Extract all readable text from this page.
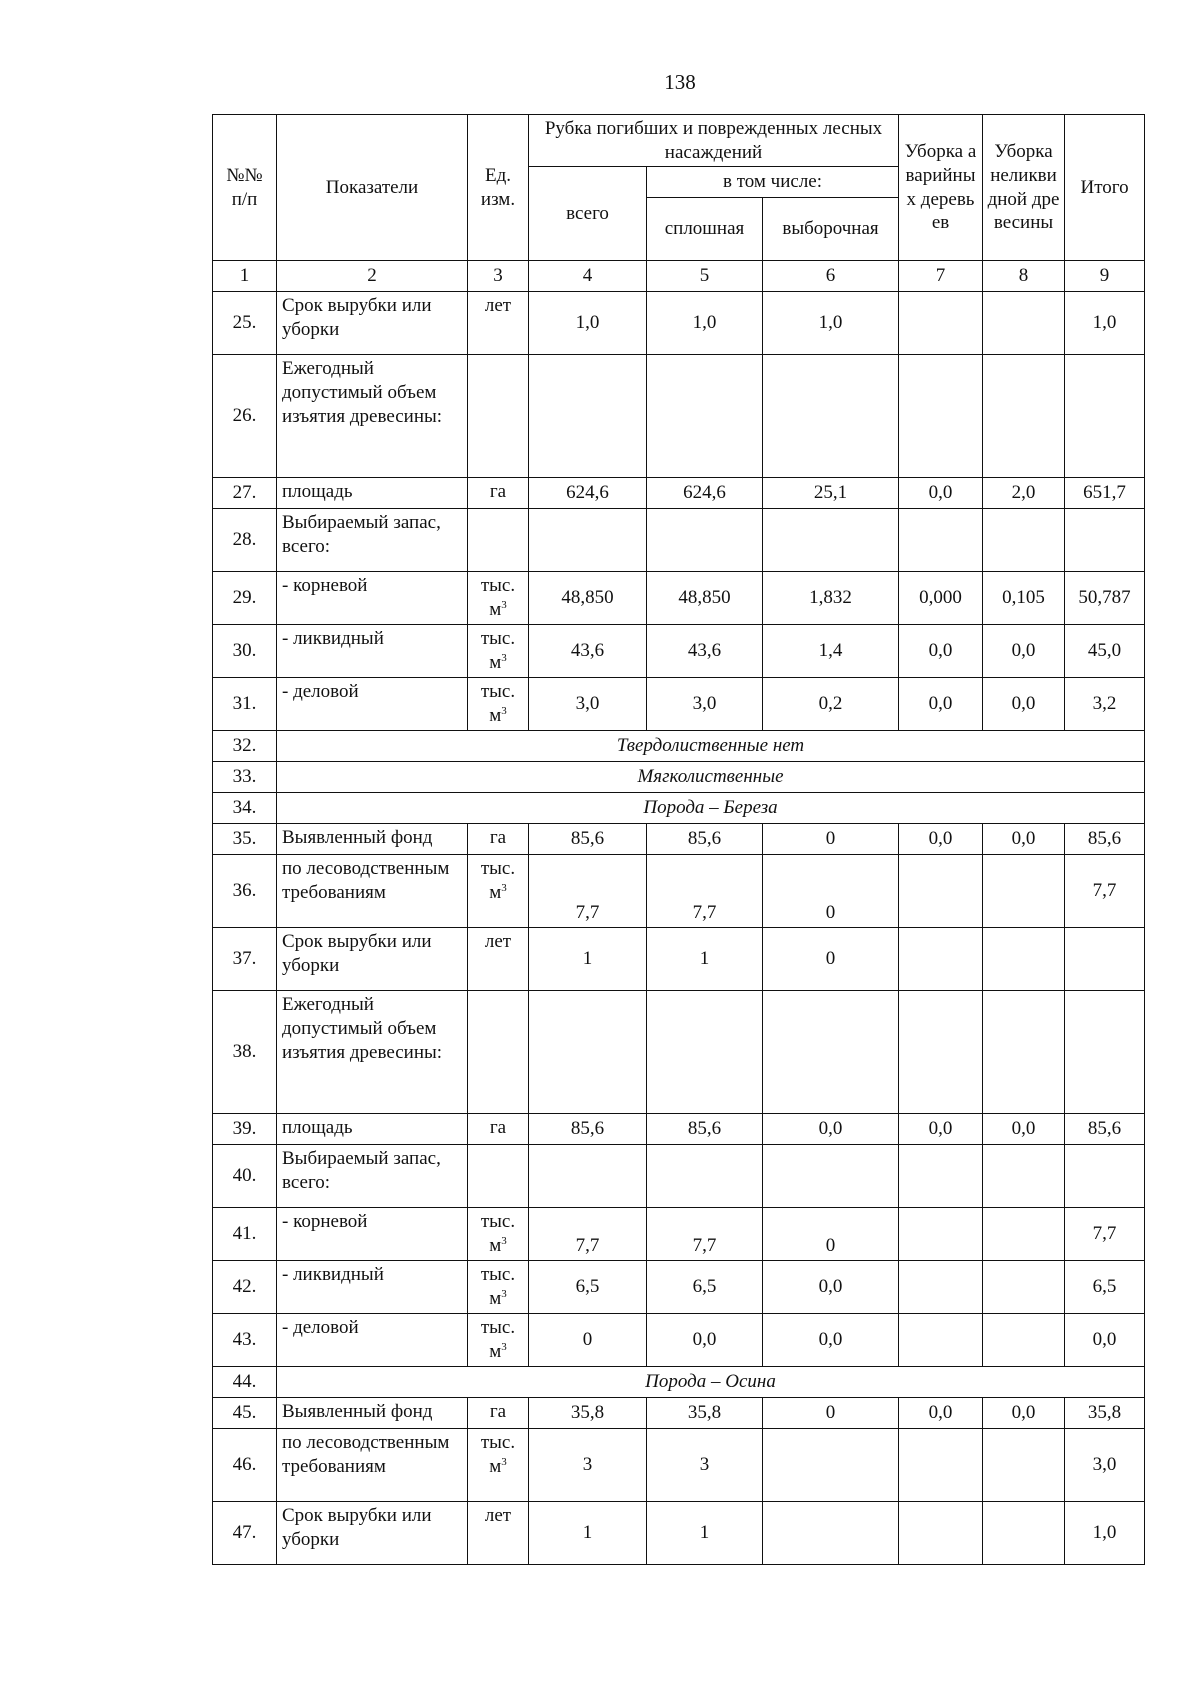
138
№№ п/п	Показатели	Ед. изм.	Рубка погибших и поврежденных лесных насаждений			Уборка аварийных деревьев	Уборка неликвидной древесины	Итого
			всего	в том числе:				
				сплошная	выборочная			
1	2	3	4	5	6	7	8	9
25.	Срок вырубки или уборки	лет	1,0	1,0	1,0			1,0
26.	Ежегодный допустимый объем изъятия древесины:							
27.	площадь	га	624,6	624,6	25,1	0,0	2,0	651,7
28.	Выбираемый запас, всего:							
29.	- корневой	тыс. $м^3$	48,850	48,850	1,832	0,000	0,105	50,787
30.	- ликвидный	тыс. $м^3$	43,6	43,6	1,4	0,0	0,0	45,0
31.	- деловой	тыс. $м^3$	3,0	3,0	0,2	0,0	0,0	3,2
32.	Твердолиственные нет							
33.	Мягколиственные							
34.	Порода – Береза							
35.	Выявленный фонд	га	85,6	85,6	0	0,0	0,0	85,6
36.	по лесоводственным требованиям	тыс. $м^3$	7,7	7,7	0			7,7
37.	Срок вырубки или уборки	лет	1	1	0			
38.	Ежегодный допустимый объем изъятия древесины:							
39.	площадь	га	85,6	85,6	0,0	0,0	0,0	85,6
40.	Выбираемый запас, всего:							
41.	- корневой	тыс. $м^3$	7,7	7,7	0			7,7
42.	- ликвидный	тыс. $м^3$	6,5	6,5	0,0			6,5
43.	- деловой	тыс. $м^3$	0	0,0	0,0			0,0
44.	Порода – Осина							
45.	Выявленный фонд	га	35,8	35,8	0	0,0	0,0	35,8
46.	по лесоводственным требованиям	тыс. $м^3$	3	3				3,0
47.	Срок вырубки или уборки	лет	1	1				1,0
